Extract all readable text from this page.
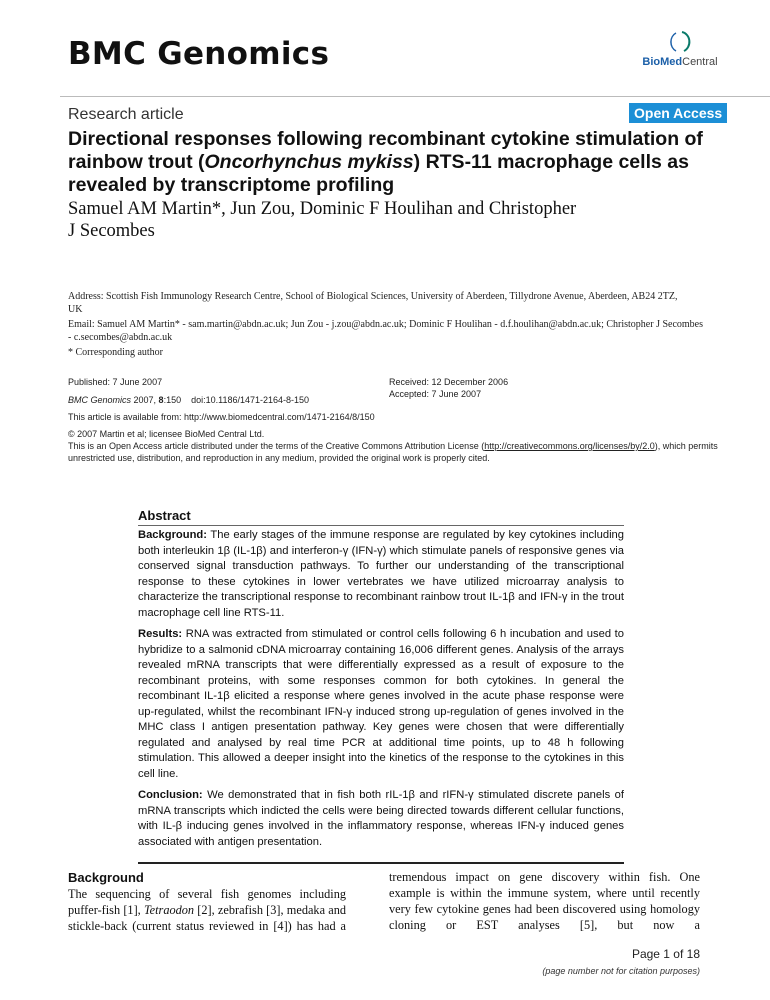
BMC Genomics	BioMedCentral
Research article	Open Access
Directional responses following recombinant cytokine stimulation of rainbow trout (Oncorhynchus mykiss) RTS-11 macrophage cells as revealed by transcriptome profiling
Samuel AM Martin*, Jun Zou, Dominic F Houlihan and Christopher J Secombes
Address: Scottish Fish Immunology Research Centre, School of Biological Sciences, University of Aberdeen, Tillydrone Avenue, Aberdeen, AB24 2TZ, UK
Email: Samuel AM Martin* - sam.martin@abdn.ac.uk; Jun Zou - j.zou@abdn.ac.uk; Dominic F Houlihan - d.f.houlihan@abdn.ac.uk; Christopher J Secombes - c.secombes@abdn.ac.uk
* Corresponding author
Published: 7 June 2007
BMC Genomics 2007, 8:150    doi:10.1186/1471-2164-8-150
Received: 12 December 2006
Accepted: 7 June 2007
This article is available from: http://www.biomedcentral.com/1471-2164/8/150
© 2007 Martin et al; licensee BioMed Central Ltd.
This is an Open Access article distributed under the terms of the Creative Commons Attribution License (http://creativecommons.org/licenses/by/2.0), which permits unrestricted use, distribution, and reproduction in any medium, provided the original work is properly cited.
Abstract

Background: The early stages of the immune response are regulated by key cytokines including both interleukin 1β (IL-1β) and interferon-γ (IFN-γ) which stimulate panels of responsive genes via conserved signal transduction pathways. To further our understanding of the transcriptional response to these cytokines in lower vertebrates we have utilized microarray analysis to characterize the transcriptional response to recombinant rainbow trout IL-1β and IFN-γ in the trout macrophage cell line RTS-11.

Results: RNA was extracted from stimulated or control cells following 6 h incubation and used to hybridize to a salmonid cDNA microarray containing 16,006 different genes. Analysis of the arrays revealed mRNA transcripts that were differentially expressed as a result of exposure to the recombinant proteins, with some responses common for both cytokines. In general the recombinant IL-1β elicited a response where genes involved in the acute phase response were up-regulated, whilst the recombinant IFN-γ induced strong up-regulation of genes involved in the MHC class I antigen presentation pathway. Key genes were chosen that were differentially regulated and analysed by real time PCR at additional time points, up to 48 h following stimulation. This allowed a deeper insight into the kinetics of the response to the cytokines in this cell line.

Conclusion: We demonstrated that in fish both rIL-1β and rIFN-γ stimulated discrete panels of mRNA transcripts which indicted the cells were being directed towards different cellular functions, with IL-β inducing genes involved in the inflammatory response, whereas IFN-γ induced genes associated with antigen presentation.

Background
The sequencing of several fish genomes including puffer-fish [1], Tetraodon [2], zebrafish [3], medaka and stickle-back (current status reviewed in [4]) has had a
tremendous impact on gene discovery within fish. One example is within the immune system, where until recently very few cytokine genes had been discovered using homology cloning or EST analyses [5], but now a
Page 1 of 18
(page number not for citation purposes)
